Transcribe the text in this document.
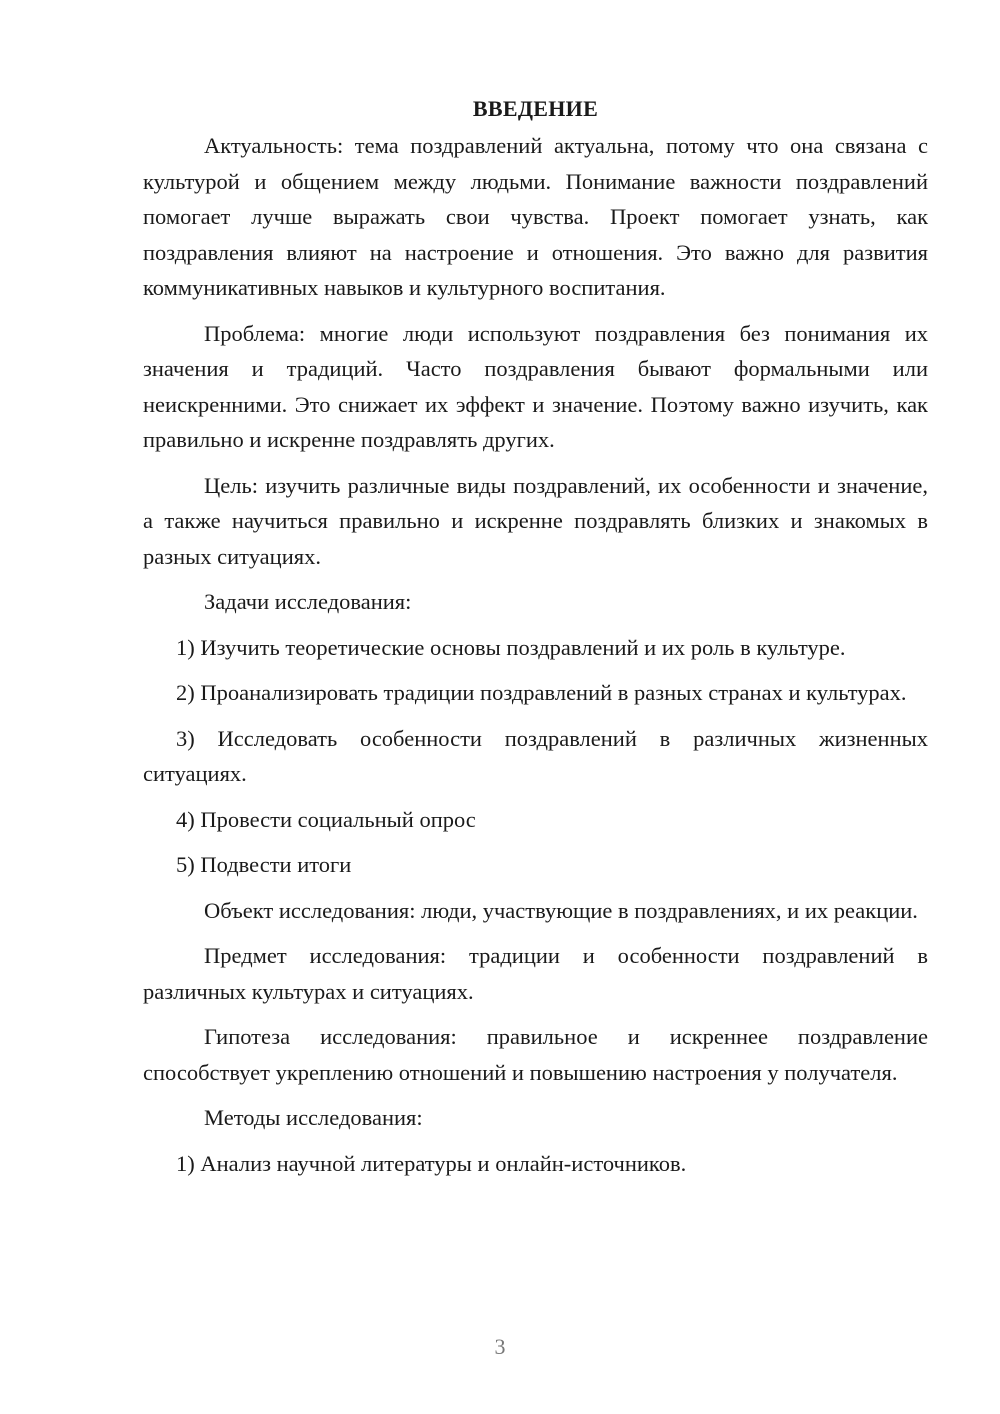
ВВЕДЕНИЕ

Актуальность: тема поздравлений актуальна, потому что она связана с культурой и общением между людьми. Понимание важности поздравлений помогает лучше выражать свои чувства. Проект помогает узнать, как поздравления влияют на настроение и отношения. Это важно для развития коммуникативных навыков и культурного воспитания.

Проблема: многие люди используют поздравления без понимания их значения и традиций. Часто поздравления бывают формальными или неискренними. Это снижает их эффект и значение. Поэтому важно изучить, как правильно и искренне поздравлять других.

Цель: изучить различные виды поздравлений, их особенности и значение, а также научиться правильно и искренне поздравлять близких и знакомых в разных ситуациях.

Задачи исследования:

1) Изучить теоретические основы поздравлений и их роль в культуре.

2) Проанализировать традиции поздравлений в разных странах и культурах.

3) Исследовать особенности поздравлений в различных жизненных ситуациях.

4) Провести социальный опрос

5) Подвести итоги

Объект исследования: люди, участвующие в поздравлениях, и их реакции.

Предмет исследования: традиции и особенности поздравлений в различных культурах и ситуациях.

Гипотеза исследования: правильное и искреннее поздравление способствует укреплению отношений и повышению настроения у получателя.

Методы исследования:

1) Анализ научной литературы и онлайн-источников.

3
